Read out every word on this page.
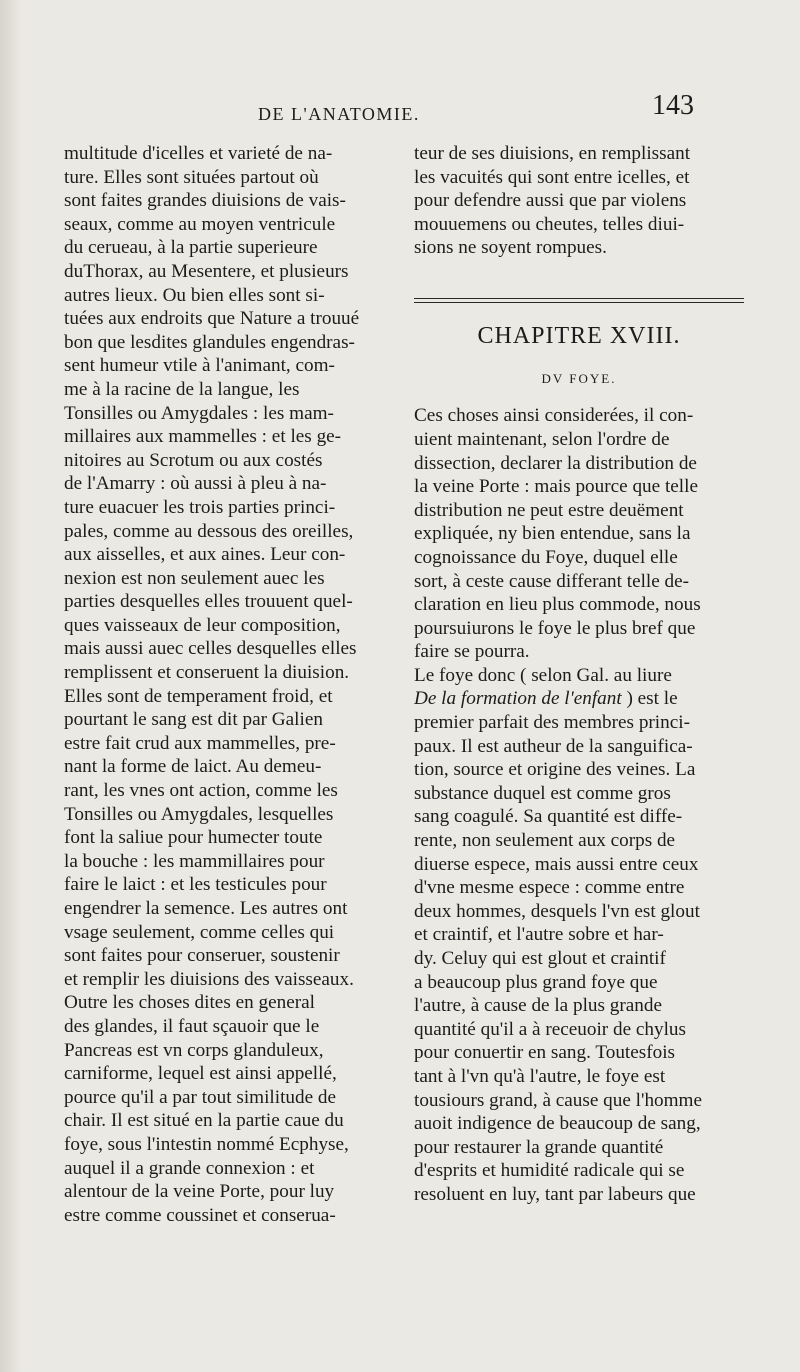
DE L'ANATOMIE.	143
multitude d'icelles et varieté de na-
ture. Elles sont situées partout où
sont faites grandes diuisions de vais-
seaux, comme au moyen ventricule
du cerueau, à la partie superieure
duThorax, au Mesentere, et plusieurs
autres lieux. Ou bien elles sont si-
tuées aux endroits que Nature a trouué
bon que lesdites glandules engendras-
sent humeur vtile à l'animant, com-
me à la racine de la langue, les
Tonsilles ou Amygdales : les mam-
millaires aux mammelles : et les ge-
nitoires au Scrotum ou aux costés
de l'Amarry : où aussi à pleu à na-
ture euacuer les trois parties princi-
pales, comme au dessous des oreilles,
aux aisselles, et aux aines. Leur con-
nexion est non seulement auec les
parties desquelles elles trouuent quel-
ques vaisseaux de leur composition,
mais aussi auec celles desquelles elles
remplissent et conseruent la diuision.
Elles sont de temperament froid, et
pourtant le sang est dit par Galien
estre fait crud aux mammelles, pre-
nant la forme de laict. Au demeu-
rant, les vnes ont action, comme les
Tonsilles ou Amygdales, lesquelles
font la saliue pour humecter toute
la bouche : les mammillaires pour
faire le laict : et les testicules pour
engendrer la semence. Les autres ont
vsage seulement, comme celles qui
sont faites pour conseruer, soustenir
et remplir les diuisions des vaisseaux.
Outre les choses dites en general
des glandes, il faut sçauoir que le
Pancreas est vn corps glanduleux,
carniforme, lequel est ainsi appellé,
pource qu'il a par tout similitude de
chair. Il est situé en la partie caue du
foye, sous l'intestin nommé Ecphyse,
auquel il a grande connexion : et
alentour de la veine Porte, pour luy
estre comme coussinet et conserua-
teur de ses diuisions, en remplissant
les vacuités qui sont entre icelles, et
pour defendre aussi que par violens
mouuemens ou cheutes, telles diui-
sions ne soyent rompues.
CHAPITRE XVIII.
DV FOYE.
Ces choses ainsi considerées, il con-
uient maintenant, selon l'ordre de
dissection, declarer la distribution de
la veine Porte : mais pource que telle
distribution ne peut estre deuëment
expliquée, ny bien entendue, sans la
cognoissance du Foye, duquel elle
sort, à ceste cause differant telle de-
claration en lieu plus commode, nous
poursuiurons le foye le plus bref que
faire se pourra.
Le foye donc ( selon Gal. au liure
De la formation de l'enfant ) est le
premier parfait des membres princi-
paux. Il est autheur de la sanguifica-
tion, source et origine des veines. La
substance duquel est comme gros
sang coagulé. Sa quantité est diffe-
rente, non seulement aux corps de
diuerse espece, mais aussi entre ceux
d'vne mesme espece : comme entre
deux hommes, desquels l'vn est glout
et craintif, et l'autre sobre et har-
dy. Celuy qui est glout et craintif
a beaucoup plus grand foye que
l'autre, à cause de la plus grande
quantité qu'il a à receuoir de chylus
pour conuertir en sang. Toutesfois
tant à l'vn qu'à l'autre, le foye est
tousiours grand, à cause que l'homme
auoit indigence de beaucoup de sang,
pour restaurer la grande quantité
d'esprits et humidité radicale qui se
resoluent en luy, tant par labeurs que
